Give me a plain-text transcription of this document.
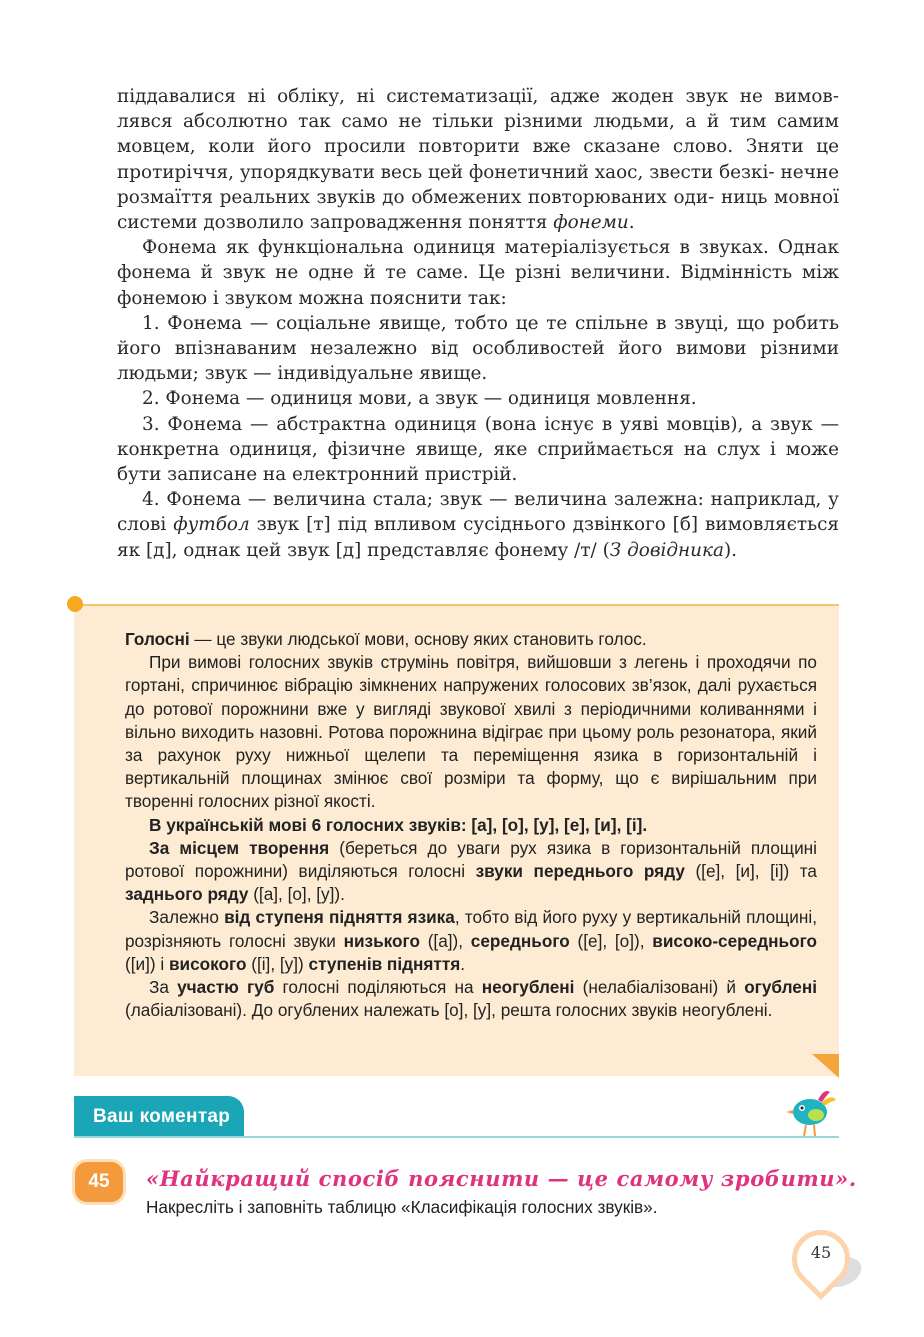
піддавалися ні обліку, ні систематизації, адже жоден звук не вимов- лявся абсолютно так само не тільки різними людьми, а й тим самим мовцем, коли його просили повторити вже сказане слово. Зняти це протиріччя, упорядкувати весь цей фонетичний хаос, звести безкі- нечне розмаїття реальних звуків до обмежених повторюваних оди- ниць мовної системи дозволило запровадження поняття фонеми.

Фонема як функціональна одиниця матеріалізується в звуках. Однак фонема й звук не одне й те саме. Це різні величини. Відмінність між фонемою і звуком можна пояснити так:

1. Фонема — соціальне явище, тобто це те спільне в звуці, що робить його впізнаваним незалежно від особливостей його вимови різними людьми; звук — індивідуальне явище.

2. Фонема — одиниця мови, а звук — одиниця мовлення.

3. Фонема — абстрактна одиниця (вона існує в уяві мовців), а звук — конкретна одиниця, фізичне явище, яке сприймається на слух і може бути записане на електронний пристрій.

4. Фонема — величина стала; звук — величина залежна: наприклад, у слові футбол звук [т] під впливом сусіднього дзвінкого [б] вимовляється як [д], однак цей звук [д] представляє фонему /т/ (З довідника).

Голосні — це звуки людської мови, основу яких становить голос.

При вимові голосних звуків струмінь повітря, вийшовши з легень і проходячи по гортані, спричинює вібрацію зімкнених напружених голосових зв’язок, далі рухається до ротової порожнини вже у вигляді звукової хвилі з періодичними коливаннями і вільно виходить назовні. Ротова порожнина відіграє при цьому роль резонатора, який за рахунок руху нижньої щелепи та переміщення язика в горизонтальній і вертикальній площинах змінює свої розміри та форму, що є вирішальним при творенні голосних різної якості.

В українській мові 6 голосних звуків: [а], [о], [у], [е], [и], [і].

За місцем творення (береться до уваги рух язика в горизонтальній площині ротової порожнини) виділяються голосні звуки переднього ряду ([е], [и], [і]) та заднього ряду ([а], [о], [у]).

Залежно від ступеня підняття язика, тобто від його руху у вертикальній площині, розрізняють голосні звуки низького ([а]), середнього ([е], [о]), високо-середнього ([и]) і високого ([і], [у]) ступенів підняття.

За участю губ голосні поділяються на неогублені (нелабіалізовані) й огублені (лабіалізовані). До огублених належать [о], [у], решта голосних звуків неогублені.

Ваш коментар
45	«Найкращий спосіб пояснити — це самому зробити».
Накресліть і заповніть таблицю «Класифікація голосних звуків».
45
